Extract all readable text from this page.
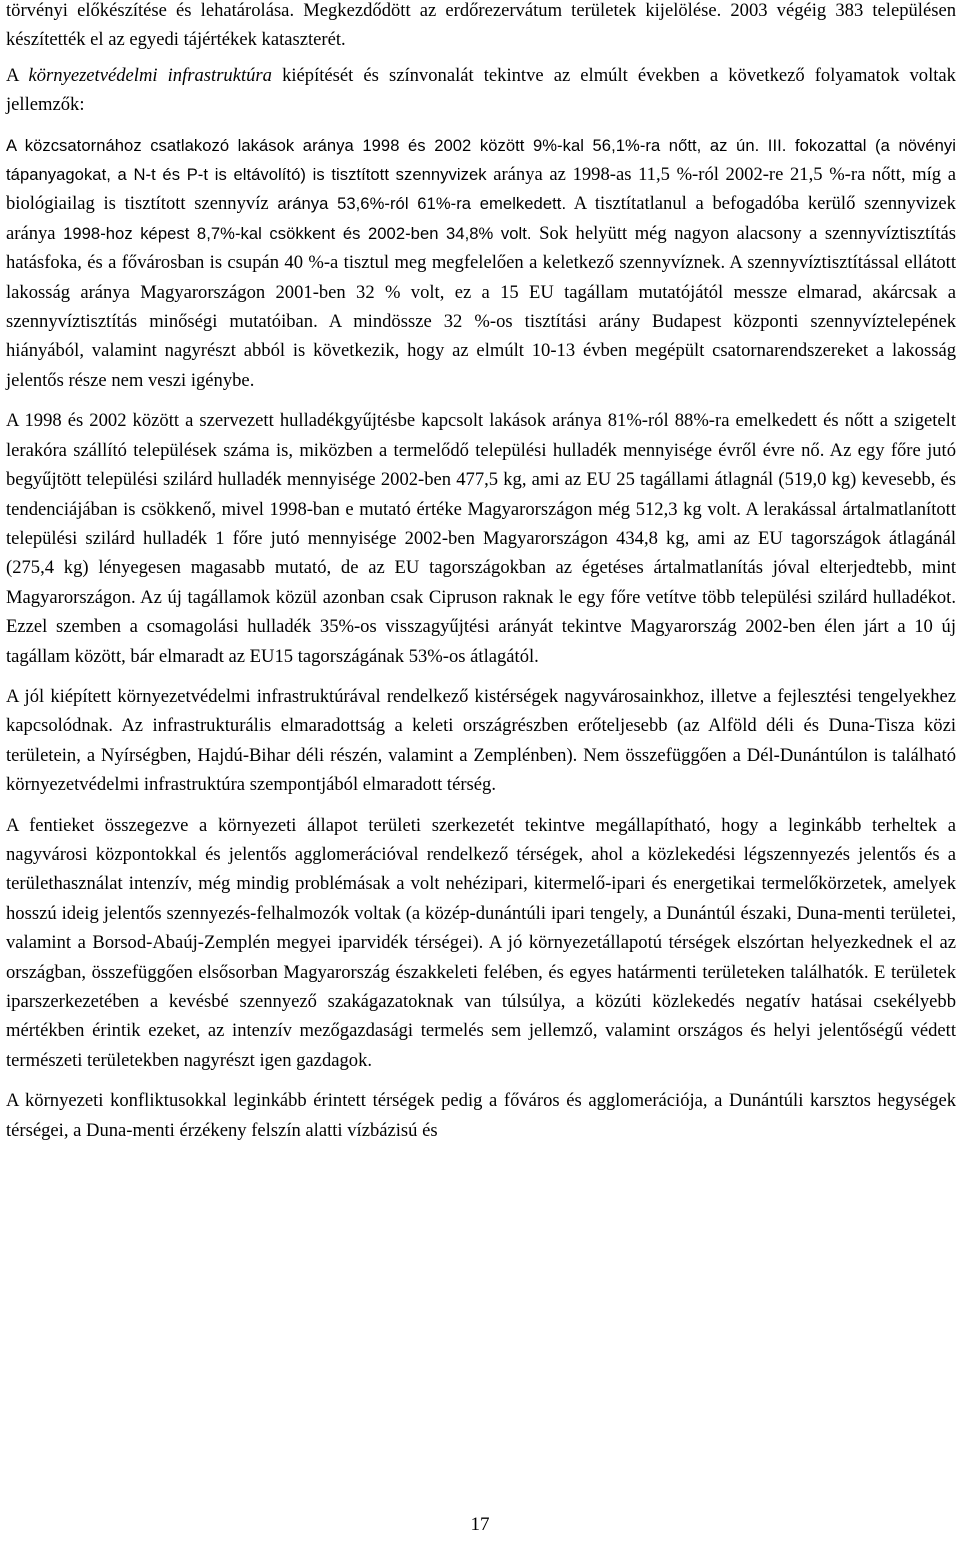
törvényi előkészítése és lehatárolása. Megkezdődött az erdőrezervátum területek kijelölése. 2003 végéig 383 településen készítették el az egyedi tájértékek kataszterét.

A környezetvédelmi infrastruktúra kiépítését és színvonalát tekintve az elmúlt években a következő folyamatok voltak jellemzők:

A közcsatornához csatlakozó lakások aránya 1998 és 2002 között 9%-kal 56,1%-ra nőtt, az ún. III. fokozattal (a növényi tápanyagokat, a N-t és P-t is eltávolító) is tisztított szennyvizek aránya az 1998-as 11,5 %-ról 2002-re 21,5 %-ra nőtt, míg a biológiailag is tisztított szennyvíz aránya 53,6%-ról 61%-ra emelkedett. A tisztítatlanul a befogadóba kerülő szennyvizek aránya 1998-hoz képest 8,7%-kal csökkent és 2002-ben 34,8% volt. Sok helyütt még nagyon alacsony a szennyvíztisztítás hatásfoka, és a fővárosban is csupán 40 %-a tisztul meg megfelelően a keletkező szennyvíznek. A szennyvíztisztítással ellátott lakosság aránya Magyarországon 2001-ben 32 % volt, ez a 15 EU tagállam mutatójától messze elmarad, akárcsak a szennyvíztisztítás minőségi mutatóiban. A mindössze 32 %-os tisztítási arány Budapest központi szennyvíztelepének hiányából, valamint nagyrészt abból is következik, hogy az elmúlt 10-13 évben megépült csatornarendszereket a lakosság jelentős része nem veszi igénybe.

A 1998 és 2002 között a szervezett hulladékgyűjtésbe kapcsolt lakások aránya 81%-ról 88%-ra emelkedett és nőtt a szigetelt lerakóra szállító települések száma is, miközben a termelődő települési hulladék mennyisége évről évre nő. Az egy főre jutó begyűjtött települési szilárd hulladék mennyisége 2002-ben 477,5 kg, ami az EU 25 tagállami átlagnál (519,0 kg) kevesebb, és tendenciájában is csökkenő, mivel 1998-ban e mutató értéke Magyarországon még 512,3 kg volt. A lerakással ártalmatlanított települési szilárd hulladék 1 főre jutó mennyisége 2002-ben Magyarországon 434,8 kg, ami az EU tagországok átlagánál (275,4 kg) lényegesen magasabb mutató, de az EU tagországokban az égetéses ártalmatlanítás jóval elterjedtebb, mint Magyarországon. Az új tagállamok közül azonban csak Cipruson raknak le egy főre vetítve több települési szilárd hulladékot. Ezzel szemben a csomagolási hulladék 35%-os visszagyűjtési arányát tekintve Magyarország 2002-ben élen járt a 10 új tagállam között, bár elmaradt az EU15 tagországának 53%-os átlagától.

A jól kiépített környezetvédelmi infrastruktúrával rendelkező kistérségek nagyvárosainkhoz, illetve a fejlesztési tengelyekhez kapcsolódnak. Az infrastrukturális elmaradottság a keleti országrészben erőteljesebb (az Alföld déli és Duna-Tisza közi területein, a Nyírségben, Hajdú-Bihar déli részén, valamint a Zemplénben). Nem összefüggően a Dél-Dunántúlon is található környezetvédelmi infrastruktúra szempontjából elmaradott térség.

A fentieket összegezve a környezeti állapot területi szerkezetét tekintve megállapítható, hogy a leginkább terheltek a nagyvárosi központokkal és jelentős agglomerációval rendelkező térségek, ahol a közlekedési légszennyezés jelentős és a területhasználat intenzív, még mindig problémásak a volt nehézipari, kitermelő-ipari és energetikai termelőkörzetek, amelyek hosszú ideig jelentős szennyezés-felhalmozók voltak (a közép-dunántúli ipari tengely, a Dunántúl északi, Duna-menti területei, valamint a Borsod-Abaúj-Zemplén megyei iparvidék térségei). A jó környezetállapotú térségek elszórtan helyezkednek el az országban, összefüggően elsősorban Magyarország északkeleti felében, és egyes határmenti területeken találhatók. E területek iparszerkezetében a kevésbé szennyező szakágazatoknak van túlsúlya, a közúti közlekedés negatív hatásai csekélyebb mértékben érintik ezeket, az intenzív mezőgazdasági termelés sem jellemző, valamint országos és helyi jelentőségű védett természeti területekben nagyrészt igen gazdagok.

A környezeti konfliktusokkal leginkább érintett térségek pedig a főváros és agglomerációja, a Dunántúli karsztos hegységek térségei, a Duna-menti érzékeny felszín alatti vízbázisú és

17
